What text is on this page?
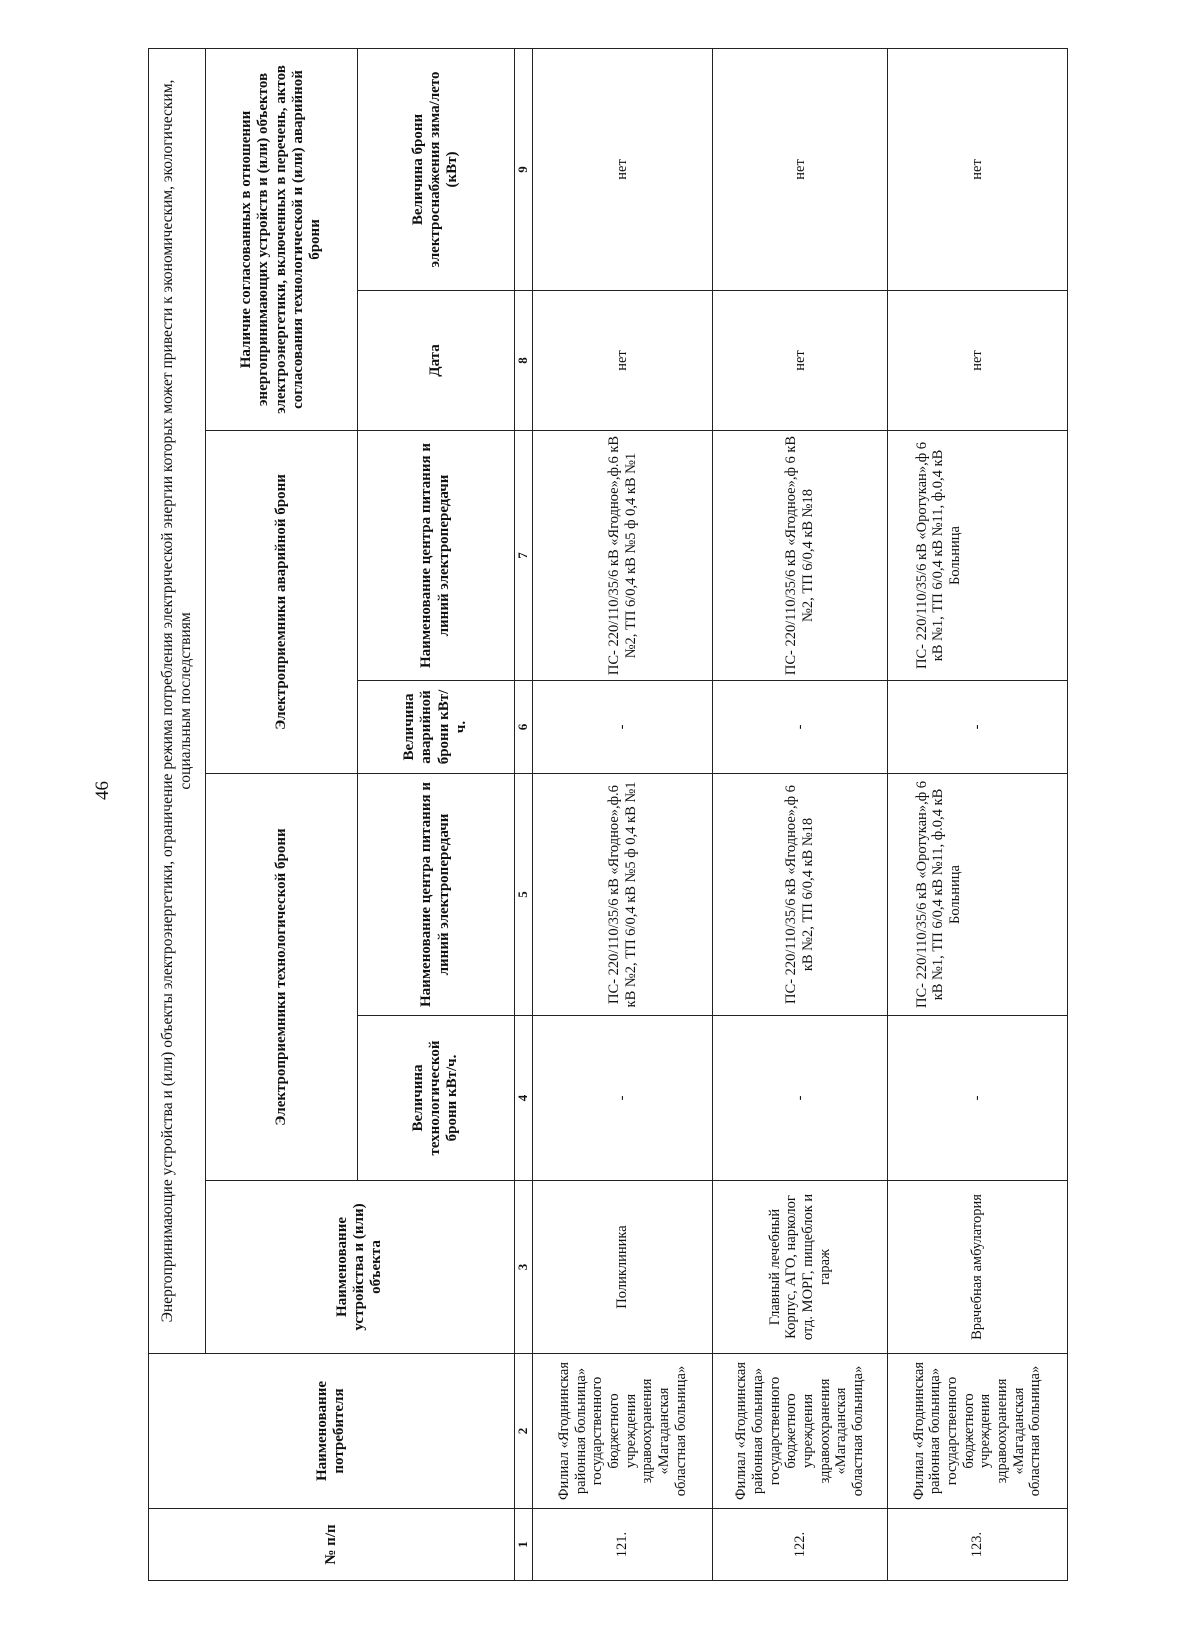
46
№ п/п	Наименование потребителя	Энергопринимающие устройства и (или) объекты электроэнергетики, ограничение режима потребления электрической энергии которых может привести к экономическим, экологическим, социальным последствиям						
		Наименование устройства и (или) объекта	Электроприемники технологической брони		Электроприемники аварийной брони		Наличие согласованных в отношении энергопринимающих устройств и (или) объектов электроэнергетики, включенных в перечень, актов согласования технологической и (или) аварийной брони	
			Величина технологической брони кВт/ч.	Наименование центра питания и линий электропередачи	Величина аварийной брони кВт/ч.	Наименование центра питания и линий электропередачи	Дата	Величина брони электроснабжения зима/лето (кВт)
1	2	3	4	5	6	7	8	9
121.	Филиал «Ягоднинская районная больница» государственного бюджетного учреждения здравоохранения «Магаданская областная больница»	Поликлиника	-	ПС- 220/110/35/6 кВ «Ягодное»,ф.6 кВ №2, ТП 6/0,4 кВ №5 ф 0,4 кВ №1	-	ПС- 220/110/35/6 кВ «Ягодное»,ф.6 кВ №2, ТП 6/0,4 кВ №5 ф 0,4 кВ №1	нет	нет
122.	Филиал «Ягоднинская районная больница» государственного бюджетного учреждения здравоохранения «Магаданская областная больница»	Главный лечебный Корпус, АГО, нарколог отд. МОРГ, пищеблок и гараж	-	ПС- 220/110/35/6 кВ «Ягодное»,ф 6 кВ №2, ТП 6/0,4 кВ №18	-	ПС- 220/110/35/6 кВ «Ягодное»,ф 6 кВ №2, ТП 6/0,4 кВ №18	нет	нет
123.	Филиал «Ягоднинская районная больница» государственного бюджетного учреждения здравоохранения «Магаданская областная больница»	Врачебная амбулатория	-	ПС- 220/110/35/6 кВ «Оротукан»,ф 6 кВ №1, ТП 6/0,4 кВ №11, ф.0,4 кВ Больница	-	ПС- 220/110/35/6 кВ «Оротукан»,ф 6 кВ №1, ТП 6/0,4 кВ №11, ф.0,4 кВ Больница	нет	нет
